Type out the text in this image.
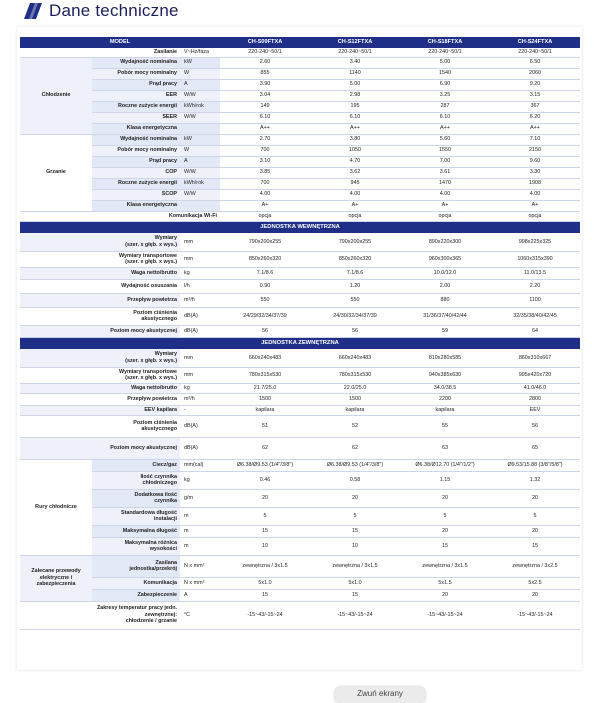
Dane techniczne
MODEL			CH-S09FTXA	CH-S12FTXA	CH-S18FTXA	CH-S24FTXA
Zasilanie		V~Hz/faza	220-240~50/1	220-240~50/1	220-240~50/1	220-240~50/1
Chłodzenie	Wydajność nominalna	kW	2.60	3.40	5.00	6.50
	Pobór mocy nominalny	W	855	1140	1540	2060
	Prąd pracy	A	3.90	5.00	6.90	9.20
	EER	W/W	3.04	2.98	3.25	3.15
	Roczne zużycie energii	kWh/rok	149	195	287	367
	SEER	W/W	6.10	6.10	6.10	6.20
	Klasa energetyczna		A++	A++	A++	A++
Grzanie	Wydajność nominalna	kW	2.70	3.80	5.60	7.10
	Pobór mocy nominalny	W	700	1050	1550	2150
	Prąd pracy	A	3.10	4.70	7.00	9.60
	COP	W/W	3.85	3.62	3.61	3.30
	Roczne zużycie energii	kWh/rok	700	945	1470	1908
	SCOP	W/W	4.00	4.00	4.00	4.00
	Klasa energetyczna		A+	A+	A+	A+
Komunikacja Wi-Fi			opcja	opcja	opcja	opcja
JEDNOSTKA WEWNĘTRZNA						
Wymiary
(szer. x głęb. x wys.)		mm	790x200x255	790x200x255	890x220x300	998x225x325
Wymiary transportowe
(szer. x głęb. x wys.)		mm	850x260x320	850x260x320	960x300x365	1060x315x390
Waga netto/brutto		kg	7.1/8.6	7.1/8.6	10.0/12.0	11.0/13.5
Wydajność osuszania		l/h	0.90	1.20	2.00	2.20
Przepływ powietrza		m³/h	550	550	880	1100
Poziom ciśnienia
akustycznego		dB(A)	24/29/32/34/37/39	24/30/32/34/37/39	31/36/37/40/42/44	32/35/38/40/42/45
Poziom mocy akustycznej		dB(A)	56	56	59	64
JEDNOSTKA ZEWNĘTRZNA						
Wymiary
(szer. x głęb. x wys.)		mm	660x240x483	660x240x483	810x280x585	860x310x667
Wymiary transportowe
(szer. x głęb. x wys.)		mm	780x315x530	780x315x530	940x385x630	995x420x720
Waga netto/brutto		kg	21.7/25.0	22.0/25.0	34.0/38.5	41.0/46.0
Przepływ powietrza		m³/h	1500	1500	2200	2800
EEV kapilara		-	kapilara	kapilara	kapilara	EEV
Poziom ciśnienia
akustycznego		dB(A)	51	52	55	56
Poziom mocy akustycznej		dB(A)	62	62	63	65
Rury chłodnicze	Ciecz/gaz	mm(cal)	Ø6.38/Ø9.53 (1/4"/3/8")	Ø6.38/Ø9.53 (1/4"/3/8")	Ø6.38/Ø12.70 (1/4"/1/2")	Ø9.53/15.88 (3/8"/5/8")
	Ilość czynnika
chłodniczego	kg	0.46	0.58	1.15	1.32
	Dodatkowa ilość
czynnika	g/m	20	20	20	20
	Standardowa długość
instalacji	m	5	5	5	5
	Maksymalna długość	m	15	15	20	20
	Maksymalna różnica
wysokości	m	10	10	15	15
Zalecane przewody
elektryczne i zabezpieczenia	Zasilana
jednostka/przekrój	N x mm²	zewnętrzna / 3x1.5	zewnętrzna / 3x1.5	zewnętrzna / 3x1.5	zewnętrzna / 3x2.5
	Komunikacja	N x mm²	5x1.0	5x1.0	5x1.5	5x2.5
	Zabezpieczenie	A	15	15	20	20
Zakresy temperatur pracy jedn.
zewnętrznej:
chłodzenie / grzanie		°C	-15~43/-15~24	-15~43/-15~24	-15~43/-15~24	-15~43/-15~24
Zwuń ekrany
